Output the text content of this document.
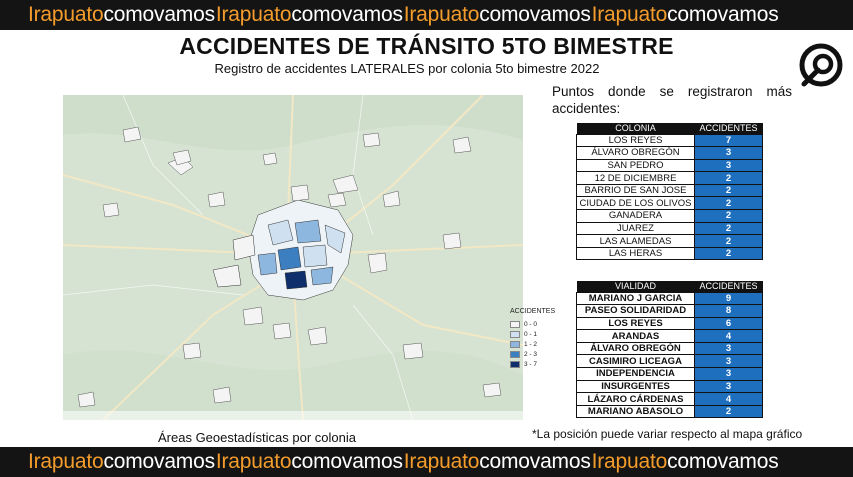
Irapuatocomovamos Irapuatocomovamos Irapuatocomovamos Irapuatocomovamos
ACCIDENTES DE TRÁNSITO 5TO BIMESTRE
Registro de accidentes LATERALES por colonia 5to bimestre 2022
ACCIDENTES
0 - 0
0 - 1
1 - 2
2 - 3
3 - 7
Áreas Geoestadísticas por colonia
Puntos donde se registraron más accidentes:
COLONIA	ACCIDENTES
LOS REYES	7
ÁLVARO OBREGÓN	3
SAN PEDRO	3
12 DE DICIEMBRE	2
BARRIO DE SAN JOSE	2
CIUDAD DE LOS OLIVOS	2
GANADERA	2
JUAREZ	2
LAS ALAMEDAS	2
LAS HERAS	2
VIALIDAD	ACCIDENTES
MARIANO J GARCIA	9
PASEO SOLIDARIDAD	8
LOS REYES	6
ARANDAS	4
ÁLVARO OBREGÓN	3
CASIMIRO LICEAGA	3
INDEPENDENCIA	3
INSURGENTES	3
LÁZARO CÁRDENAS	4
MARIANO ABASOLO	2
*La posición puede variar respecto al mapa gráfico
Irapuatocomovamos Irapuatocomovamos Irapuatocomovamos Irapuatocomovamos
